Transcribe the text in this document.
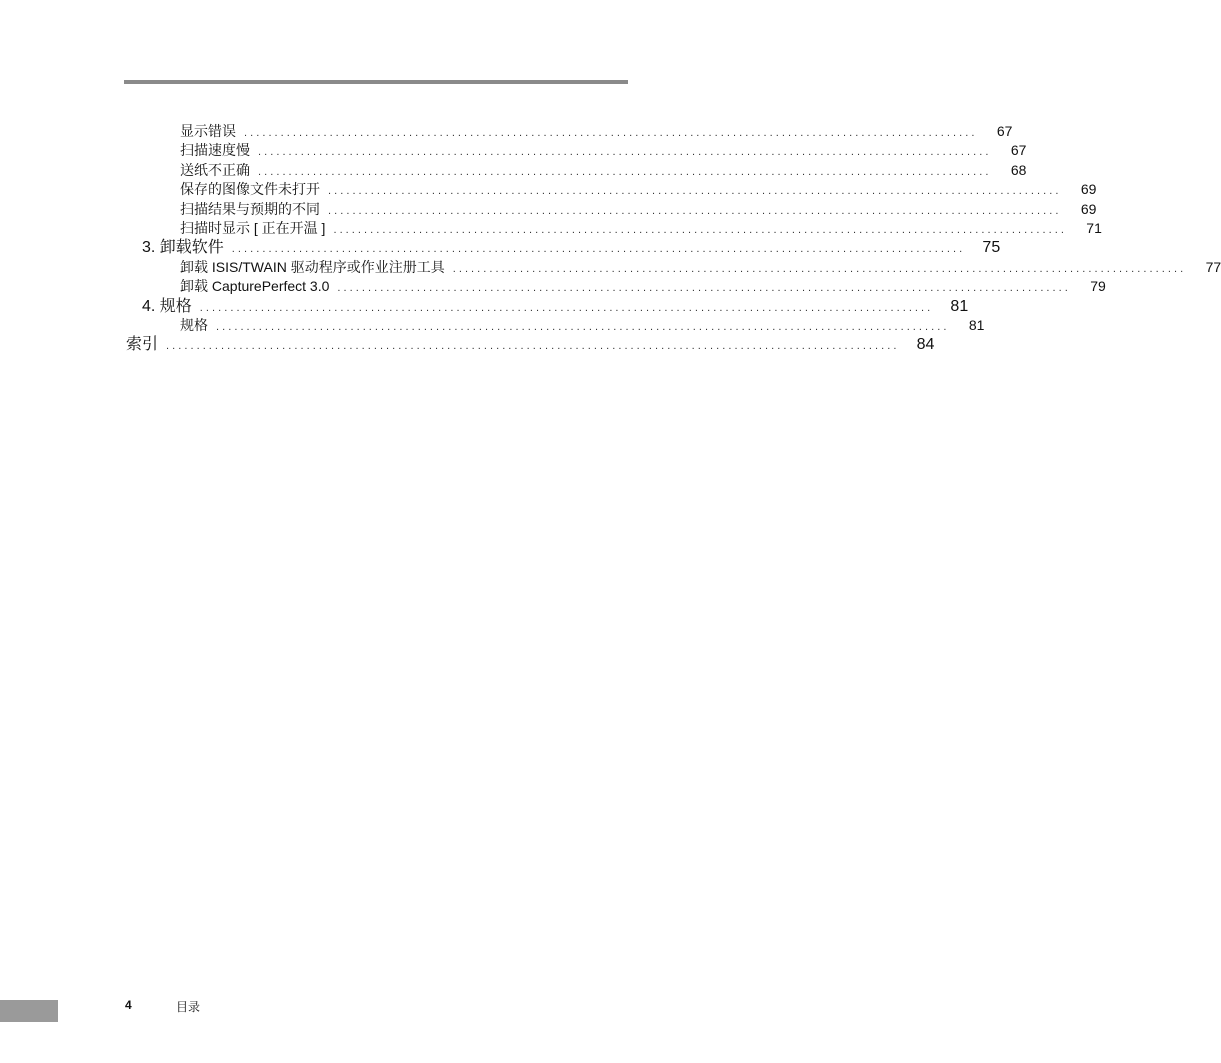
显示错误 . . . . . . . . . . . . . . . . . . . . . . . . . . . . . . . . . . . . . . . . . . . . . . . . . . . . . . . . . . . . . . . . . . . . . . . . . . . . . . . . . . . . . . . . . . . . . . . . . . . . . . . . . . . . . . . . . . . . . . . .	67
扫描速度慢 . . . . . . . . . . . . . . . . . . . . . . . . . . . . . . . . . . . . . . . . . . . . . . . . . . . . . . . . . . . . . . . . . . . . . . . . . . . . . . . . . . . . . . . . . . . . . . . . . . . . . . . . . . . . . . . . . . . . . . . .	67
送纸不正确 . . . . . . . . . . . . . . . . . . . . . . . . . . . . . . . . . . . . . . . . . . . . . . . . . . . . . . . . . . . . . . . . . . . . . . . . . . . . . . . . . . . . . . . . . . . . . . . . . . . . . . . . . . . . . . . . . . . . . . . .	68
保存的图像文件未打开 . . . . . . . . . . . . . . . . . . . . . . . . . . . . . . . . . . . . . . . . . . . . . . . . . . . . . . . . . . . . . . . . . . . . . . . . . . . . . . . . . . . . . . . . . . . . . . . . . . . . . . . . . . . . . . . . . . . . . . . .	69
扫描结果与预期的不同 . . . . . . . . . . . . . . . . . . . . . . . . . . . . . . . . . . . . . . . . . . . . . . . . . . . . . . . . . . . . . . . . . . . . . . . . . . . . . . . . . . . . . . . . . . . . . . . . . . . . . . . . . . . . . . . . . . . . . . . .	69
扫描时显示 [ 正在开温 ] . . . . . . . . . . . . . . . . . . . . . . . . . . . . . . . . . . . . . . . . . . . . . . . . . . . . . . . . . . . . . . . . . . . . . . . . . . . . . . . . . . . . . . . . . . . . . . . . . . . . . . . . . . . . . . . . . . . . . . . .	71
3. 卸载软件 . . . . . . . . . . . . . . . . . . . . . . . . . . . . . . . . . . . . . . . . . . . . . . . . . . . . . . . . . . . . . . . . . . . . . . . . . . . . . . . . . . . . . . . . . . . . . . . . . . . . . . . . . . . . . . . . . . . . . . . .	75
卸载 ISIS/TWAIN 驱动程序或作业注册工具 . . . . . . . . . . . . . . . . . . . . . . . . . . . . . . . . . . . . . . . . . . . . . . . . . . . . . . . . . . . . . . . . . . . . . . . . . . . . . . . . . . . . . . . . . . . . . . . . . . . . . . . . . . . . . . . . . . . . . . . .	77
卸载 CapturePerfect 3.0 . . . . . . . . . . . . . . . . . . . . . . . . . . . . . . . . . . . . . . . . . . . . . . . . . . . . . . . . . . . . . . . . . . . . . . . . . . . . . . . . . . . . . . . . . . . . . . . . . . . . . . . . . . . . . . . . . . . . . . . .	79
4. 规格 . . . . . . . . . . . . . . . . . . . . . . . . . . . . . . . . . . . . . . . . . . . . . . . . . . . . . . . . . . . . . . . . . . . . . . . . . . . . . . . . . . . . . . . . . . . . . . . . . . . . . . . . . . . . . . . . . . . . . . . .	81
规格 . . . . . . . . . . . . . . . . . . . . . . . . . . . . . . . . . . . . . . . . . . . . . . . . . . . . . . . . . . . . . . . . . . . . . . . . . . . . . . . . . . . . . . . . . . . . . . . . . . . . . . . . . . . . . . . . . . . . . . . .	81
索引 . . . . . . . . . . . . . . . . . . . . . . . . . . . . . . . . . . . . . . . . . . . . . . . . . . . . . . . . . . . . . . . . . . . . . . . . . . . . . . . . . . . . . . . . . . . . . . . . . . . . . . . . . . . . . . . . . . . . . . . .	84
4	目录
